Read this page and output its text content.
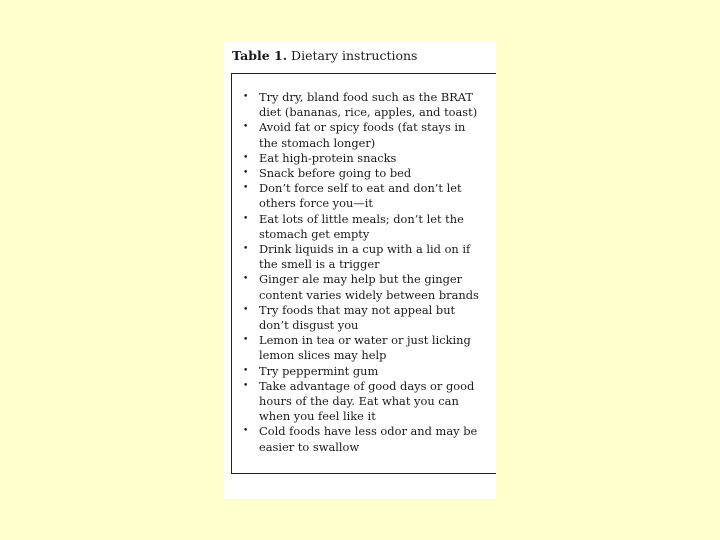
Table 1. Dietary instructions
• Try dry, bland food such as the BRAT diet (bananas, rice, apples, and toast)
• Avoid fat or spicy foods (fat stays in the stomach longer)
• Eat high-protein snacks
• Snack before going to bed
• Don’t force self to eat and don’t let others force you—it
• Eat lots of little meals; don’t let the stomach get empty
• Drink liquids in a cup with a lid on if the smell is a trigger
• Ginger ale may help but the ginger content varies widely between brands
• Try foods that may not appeal but don’t disgust you
• Lemon in tea or water or just licking lemon slices may help
• Try peppermint gum
• Take advantage of good days or good hours of the day. Eat what you can when you feel like it
• Cold foods have less odor and may be easier to swallow
